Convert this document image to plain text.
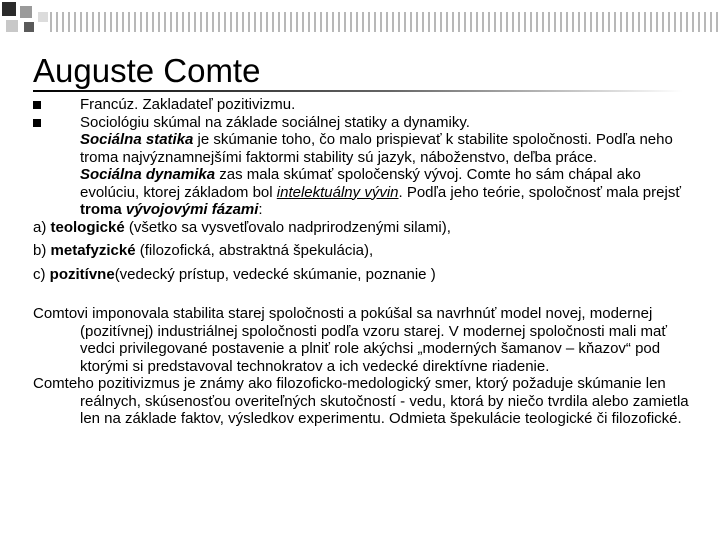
Auguste Comte
Francúz. Zakladateľ pozitivizmu.
Sociológiu skúmal na základe sociálnej statiky a dynamiky.
Sociálna statika je skúmanie toho, čo malo prispievať k stabilite spoločnosti. Podľa neho troma najvýznamnejšími faktormi stability sú jazyk, náboženstvo, deľba práce.
Sociálna dynamika zas mala skúmať spoločenský vývoj. Comte ho sám chápal ako evolúciu, ktorej základom bol intelektuálny vývin. Podľa jeho teórie, spoločnosť mala prejsť troma vývojovými fázami:
a) teologické (všetko sa vysvetľovalo nadprirodzenými silami),
b) metafyzické (filozofická, abstraktná špekulácia),
c) pozitívne(vedecký prístup, vedecké skúmanie, poznanie )
Comtovi imponovala stabilita starej spoločnosti a pokúšal sa navrhnúť model novej, modernej (pozitívnej) industriálnej spoločnosti podľa vzoru starej. V modernej spoločnosti mali mať vedci privilegované postavenie a plniť role akýchsi „moderných šamanov – kňazov“ pod ktorými si predstavoval technokratov a ich vedecké direktívne riadenie.
Comteho pozitivizmus je známy ako filozoficko-medologický smer, ktorý požaduje skúmanie len reálnych, skúsenosťou overiteľných skutočností - vedu, ktorá by niečo tvrdila alebo zamietla len na základe faktov, výsledkov experimentu. Odmieta špekulácie teologické či filozofické.
